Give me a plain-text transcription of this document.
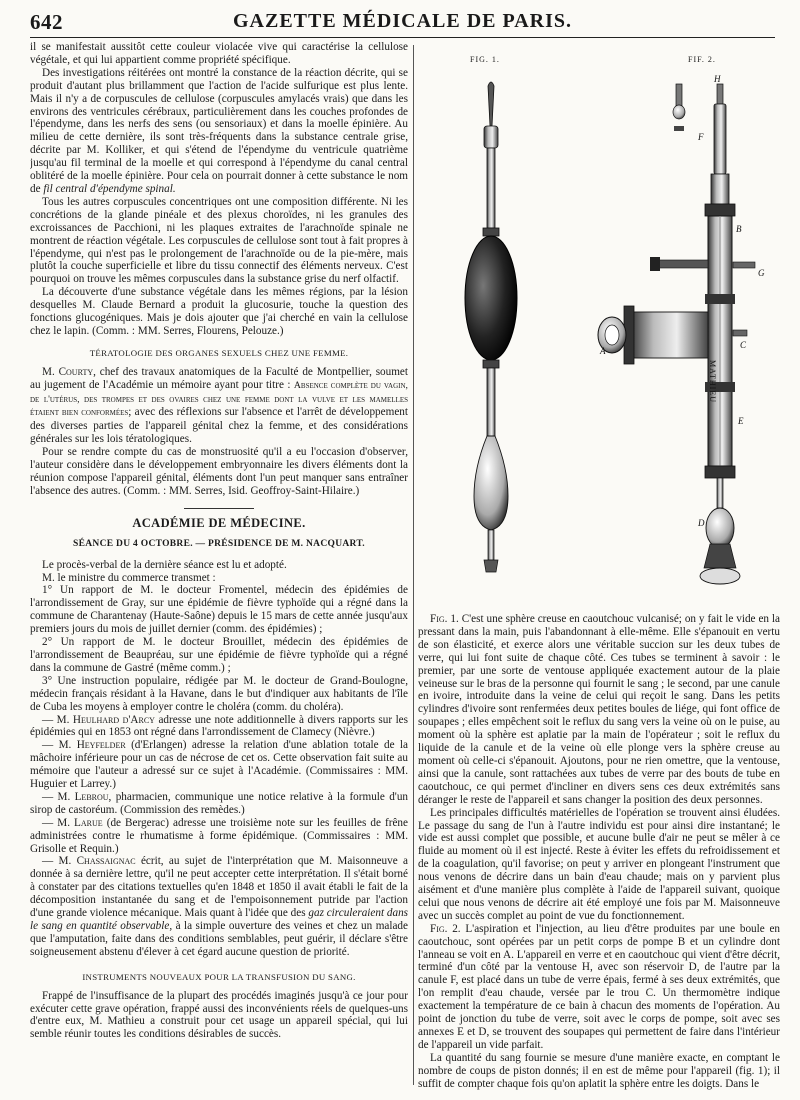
642	GAZETTE MÉDICALE DE PARIS.

il se manifestait aussitôt cette couleur violacée vive qui caractérise la cellulose végétale, et qui lui appartient comme propriété spécifique.

Des investigations réitérées ont montré la constance de la réaction décrite, qui se produit d'autant plus brillamment que l'action de l'acide sulfurique est plus lente. Mais il n'y a de corpuscules de cellulose (corpuscules amylacés vrais) que dans les environs des ventricules cérébraux, particulièrement dans les couches profondes de l'épendyme, dans les nerfs des sens (ou sensoriaux) et dans la moelle épinière. Au milieu de cette dernière, ils sont très-fréquents dans la substance centrale grise, décrite par M. Kolliker, et qui s'étend de l'épendyme du ventricule quatrième jusqu'au fil terminal de la moelle et qui correspond à l'épendyme du canal central oblitéré de la moelle épinière. Pour cela on pourrait donner à cette substance le nom de fil central d'épendyme spinal.

Tous les autres corpuscules concentriques ont une composition différente. Ni les concrétions de la glande pinéale et des plexus choroïdes, ni les granules des excroissances de Pacchioni, ni les plaques extraites de l'arachnoïde spinale ne montrent de réaction végétale. Les corpuscules de cellulose sont tout à fait propres à l'épendyme, qui n'est pas le prolongement de l'arachnoïde ou de la pie-mère, mais plutôt la couche superficielle et libre du tissu connectif des éléments nerveux. C'est pourquoi on trouve les mêmes corpuscules dans la substance grise du nerf olfactif.

La découverte d'une substance végétale dans les mêmes régions, par la lésion desquelles M. Claude Bernard a produit la glucosurie, touche la question des fonctions glucogéniques. Mais je dois ajouter que j'ai cherché en vain la cellulose chez le lapin. (Comm. : MM. Serres, Flourens, Pelouze.)

TÉRATOLOGIE DES ORGANES SEXUELS CHEZ UNE FEMME.

M. Courty, chef des travaux anatomiques de la Faculté de Montpellier, soumet au jugement de l'Académie un mémoire ayant pour titre : Absence complète du vagin, de l'utérus, des trompes et des ovaires chez une femme dont la vulve et les mamelles étaient bien conformées; avec des réflexions sur l'absence et l'arrêt de développement des diverses parties de l'appareil génital chez la femme, et des considérations générales sur les lois tératologiques.

Pour se rendre compte du cas de monstruosité qu'il a eu l'occasion d'observer, l'auteur considère dans le développement embryonnaire les divers éléments dont la réunion compose l'appareil génital, éléments dont l'un peut manquer sans entraîner l'absence des autres. (Comm. : MM. Serres, Isid. Geoffroy-Saint-Hilaire.)

ACADÉMIE DE MÉDECINE.
SÉANCE DU 4 OCTOBRE. — PRÉSIDENCE DE M. NACQUART.

Le procès-verbal de la dernière séance est lu et adopté.

M. le ministre du commerce transmet :

1° Un rapport de M. le docteur Fromentel, médecin des épidémies de l'arrondissement de Gray, sur une épidémie de fièvre typhoïde qui a régné dans la commune de Charantenay (Haute-Saône) depuis le 15 mars de cette année jusqu'aux premiers jours du mois de juillet dernier (comm. des épidémies) ;

2° Un rapport de M. le docteur Brouillet, médecin des épidémies de l'arrondissement de Beaupréau, sur une épidémie de fièvre typhoïde qui a régné dans la commune de Gastré (même comm.) ;

3° Une instruction populaire, rédigée par M. le docteur de Grand-Boulogne, médecin français résidant à la Havane, dans le but d'indiquer aux habitants de l'île de Cuba les moyens à employer contre le choléra (comm. du choléra).

— M. Heulhard d'Arcy adresse une note additionnelle à divers rapports sur les épidémies qui en 1853 ont régné dans l'arrondissement de Clamecy (Nièvre.)

— M. Heyfelder (d'Erlangen) adresse la relation d'une ablation totale de la mâchoire inférieure pour un cas de nécrose de cet os. Cette observation fait suite au mémoire que l'auteur a adressé sur ce sujet à l'Académie. (Commissaires : MM. Huguier et Larrey.)

— M. Lebrou, pharmacien, communique une notice relative à la formule d'un sirop de castoréum. (Commission des remèdes.)

— M. Larue (de Bergerac) adresse une troisième note sur les feuilles de frêne administrées contre le rhumatisme à forme épidémique. (Commissaires : MM. Grisolle et Requin.)

— M. Chassaignac écrit, au sujet de l'interprétation que M. Maisonneuve a donnée à sa dernière lettre, qu'il ne peut accepter cette interprétation. Il s'était borné à constater par des citations textuelles qu'en 1848 et 1850 il avait établi le fait de la décomposition instantanée du sang et de l'empoisonnement putride par l'action d'une grande violence mécanique. Mais quant à l'idée que des gaz circuleraient dans le sang en quantité observable, à la simple ouverture des veines et chez un malade que l'amputation, faite dans des conditions semblables, peut guérir, il déclare s'être soigneusement abstenu d'élever à cet égard aucune question de priorité.

INSTRUMENTS NOUVEAUX POUR LA TRANSFUSION DU SANG.

Frappé de l'insuffisance de la plupart des procédés imaginés jusqu'à ce jour pour exécuter cette grave opération, frappé aussi des inconvénients réels de quelques-uns d'entre eux, M. Mathieu a construit pour cet usage un appareil spécial, qui lui semble réunir toutes les conditions désirables de succès.

FIG. 1.	FIF. 2.
MATHIEU
A
B
C
D
E
F
G
H

Fig. 1. C'est une sphère creuse en caoutchouc vulcanisé; on y fait le vide en la pressant dans la main, puis l'abandonnant à elle-même. Elle s'épanouit en vertu de son élasticité, et exerce alors une véritable succion sur les deux tubes de verre, qui lui font suite de chaque côté. Ces tubes se terminent à savoir : le premier, par une sorte de ventouse appliquée exactement autour de la plaie veineuse sur le bras de la personne qui fournit le sang ; le second, par une canule en ivoire, introduite dans la veine de celui qui reçoit le sang. Dans les petits cylindres d'ivoire sont renfermées deux petites boules de liége, qui font office de soupapes ; elles empêchent soit le reflux du sang vers la veine où on le puise, au moment où la sphère est aplatie par la main de l'opérateur ; soit le reflux du liquide de la canule et de la veine où elle plonge vers la sphère creuse au moment où celle-ci s'épanouit. Ajoutons, pour ne rien omettre, que la ventouse, ainsi que la canule, sont rattachées aux tubes de verre par des bouts de tube en caoutchouc, ce qui permet d'incliner en divers sens ces deux extrémités sans déranger le reste de l'appareil et sans changer la position des deux personnes.

Les principales difficultés matérielles de l'opération se trouvent ainsi éludées. Le passage du sang de l'un à l'autre individu est pour ainsi dire instantané; le vide est aussi complet que possible, et aucune bulle d'air ne peut se mêler à ce fluide au moment où il est injecté. Reste à éviter les effets du refroidissement et de la coagulation, qu'il favorise; on peut y arriver en plongeant l'instrument que nous venons de décrire dans un bain d'eau chaude; mais on y parvient plus aisément et d'une manière plus complète à l'aide de l'appareil suivant, quoique celui que nous venons de décrire ait été employé une fois par M. Maisonneuve avec un succès complet au point de vue du fonctionnement.

Fig. 2. L'aspiration et l'injection, au lieu d'être produites par une boule en caoutchouc, sont opérées par un petit corps de pompe B et un cylindre dont l'anneau se voit en A. L'appareil en verre et en caoutchouc qui vient d'être décrit, terminé d'un côté par la ventouse H, avec son réservoir D, de l'autre par la canule F, est placé dans un tube de verre épais, fermé à ses deux extrémités, que l'on remplit d'eau chaude, versée par le trou C. Un thermomètre indique exactement la température de ce bain à chacun des moments de l'opération. Au point de jonction du tube de verre, soit avec le corps de pompe, soit avec ses annexes E et D, se trouvent des soupapes qui permettent de faire dans l'intérieur de l'appareil un vide parfait.

La quantité du sang fournie se mesure d'une manière exacte, en comptant le nombre de coups de piston donnés; il en est de même pour l'appareil (fig. 1); il suffit de compter chaque fois qu'on aplatit la sphère entre les doigts. Dans le
